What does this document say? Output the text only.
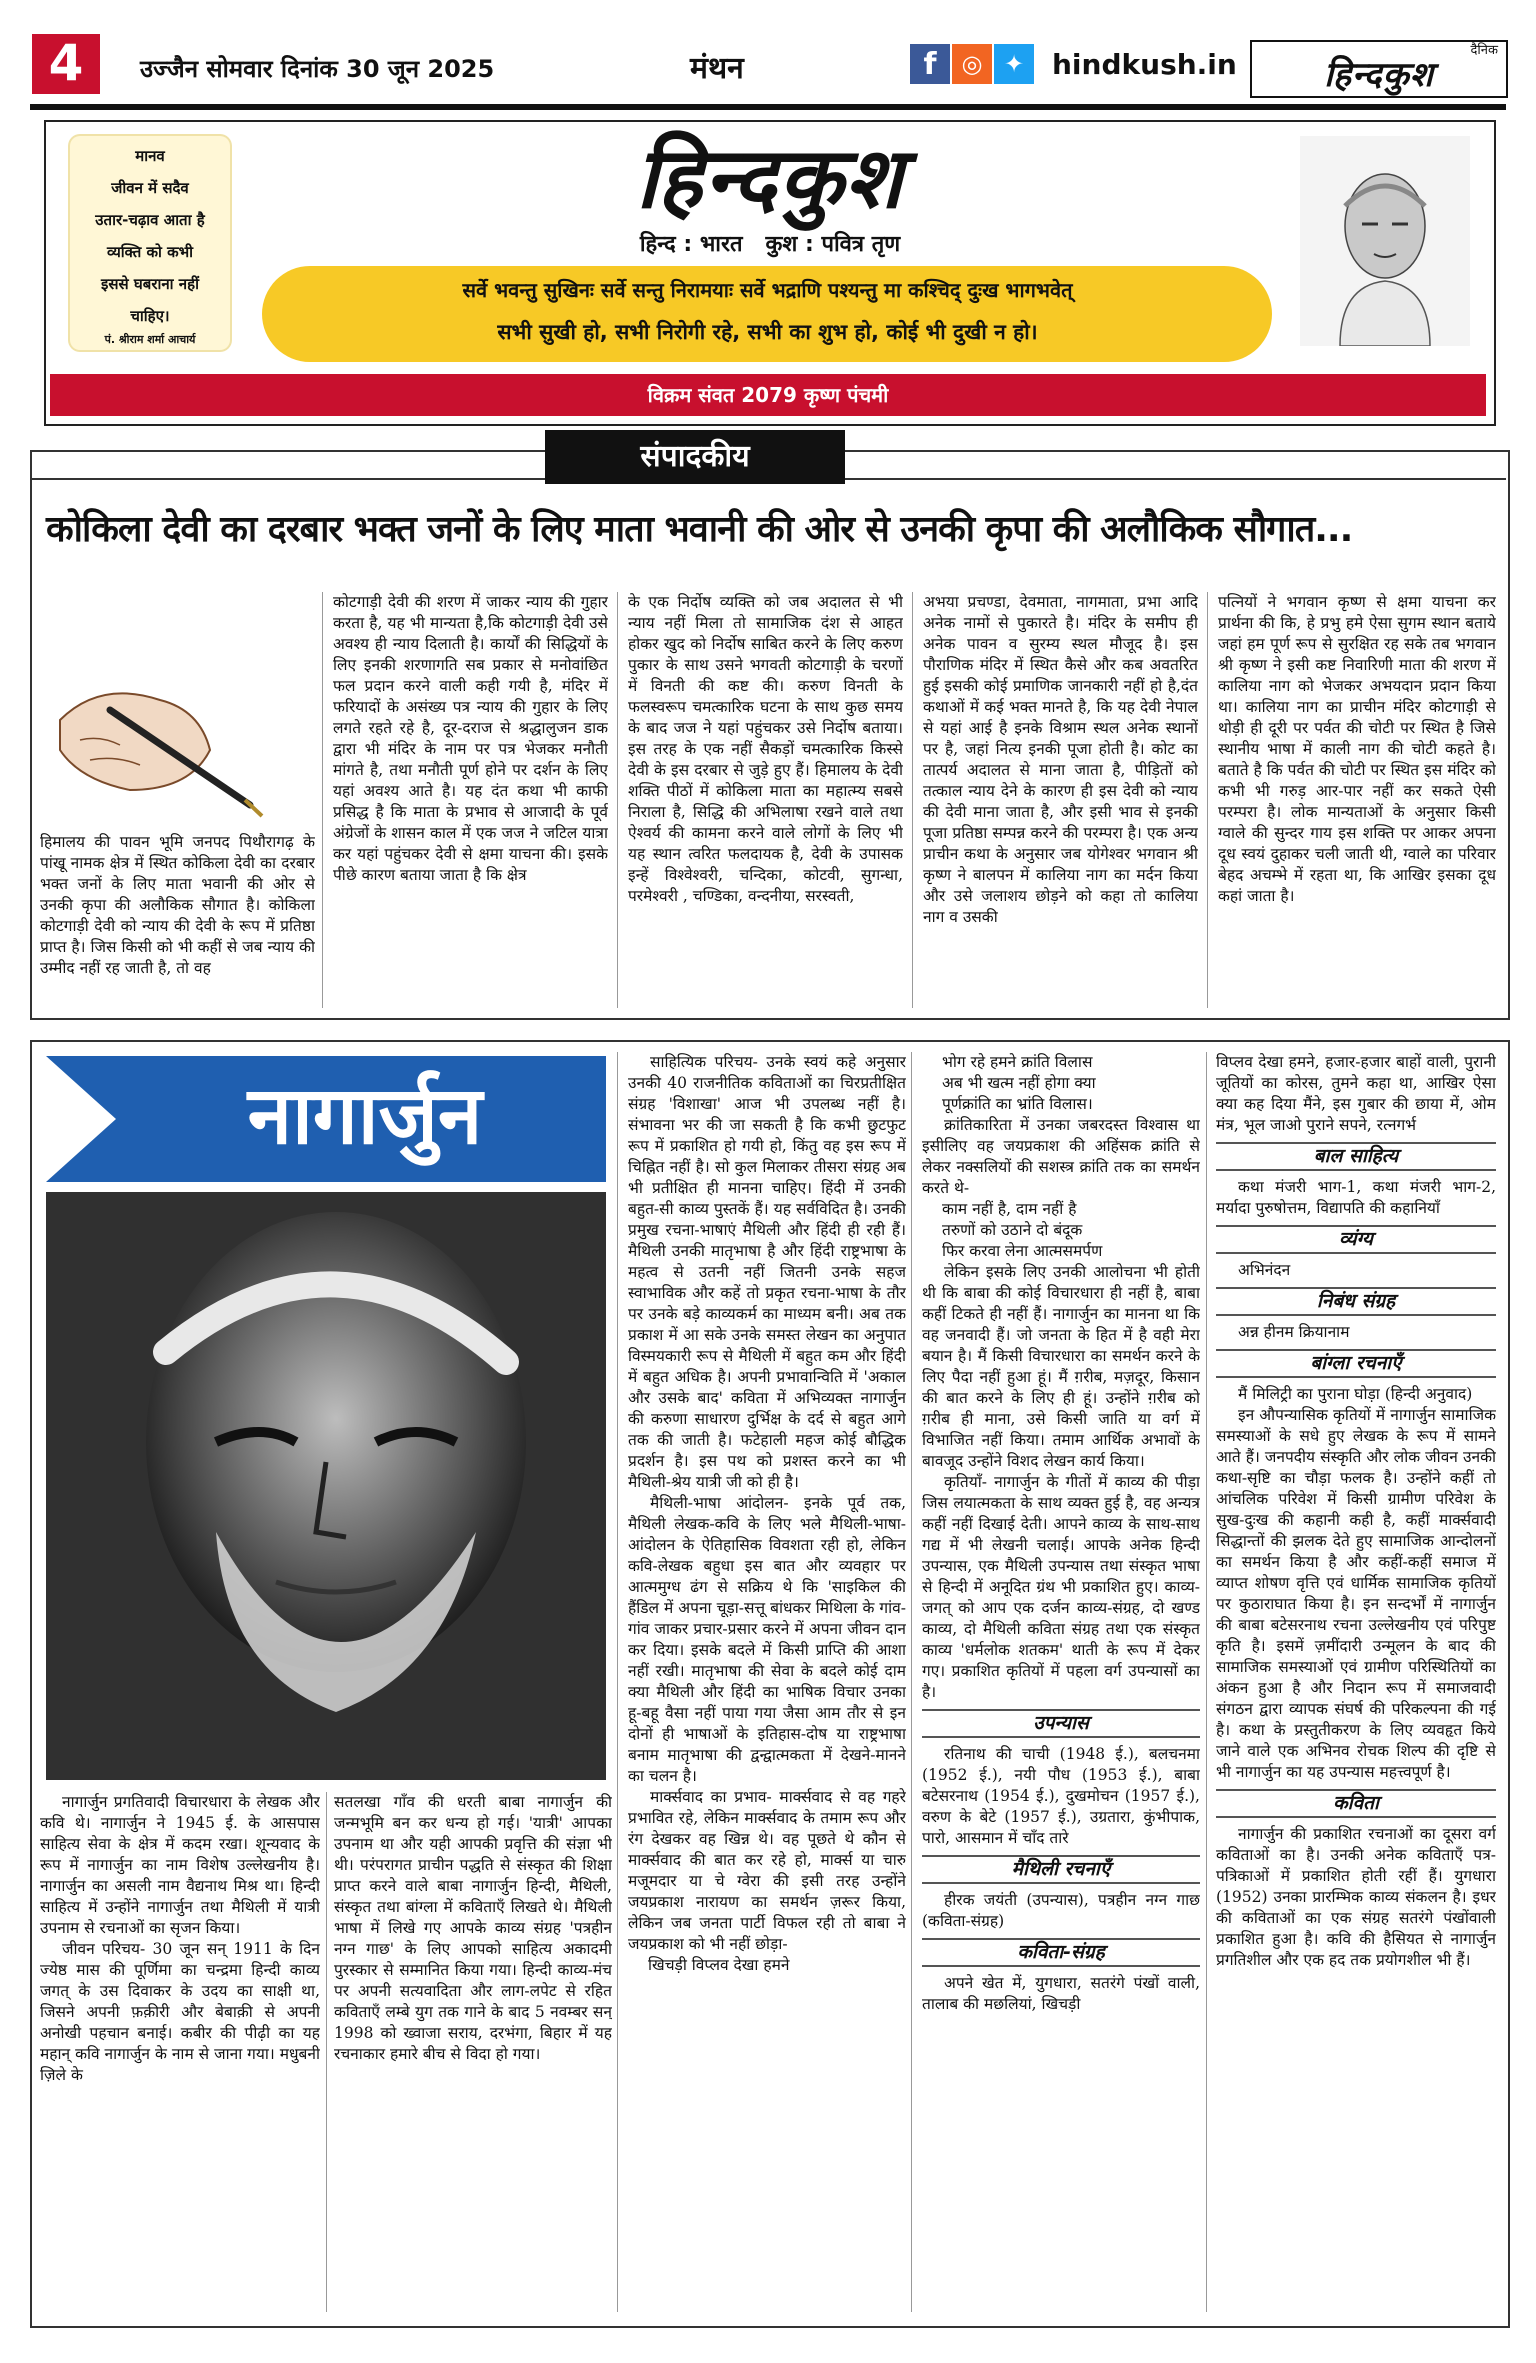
4	उज्जैन सोमवार दिनांक 30 जून 2025	मंथन	f	◎ ✦ hindkush.in	दैनिक
हिन्दकुश
मानव
जीवन में सदैव
उतार-चढ़ाव आता है
व्यक्ति को कभी
इससे घबराना नहीं
चाहिए।
पं. श्रीराम शर्मा आचार्य
हिन्दकुश
हिन्द : भारत   कुश : पवित्र तृण
सर्वे भवन्तु सुखिनः सर्वे सन्तु निरामयाः सर्वे भद्राणि पश्यन्तु मा कश्चिद् दुःख भागभवेत्
सभी सुखी हो, सभी निरोगी रहे, सभी का शुभ हो, कोई भी दुखी न हो।
विक्रम संवत 2079 कृष्ण पंचमी
संपादकीय
कोकिला देवी का दरबार भक्त जनों के लिए माता भवानी की ओर से उनकी कृपा की अलौकिक सौगात...
हिमालय की पावन भूमि जनपद पिथौरागढ़ के पांखू नामक क्षेत्र में स्थित कोकिला देवी का दरबार भक्त जनों के लिए माता भवानी की ओर से उनकी कृपा की अलौकिक सौगात है। कोकिला कोटगाड़ी देवी को न्याय की देवी के रूप में प्रतिष्ठा प्राप्त है। जिस किसी को भी कहीं से जब न्याय की उम्मीद नहीं रह जाती है, तो वह
कोटगाड़ी देवी की शरण में जाकर न्याय की गुहार करता है, यह भी मान्यता है,कि कोटगाड़ी देवी उसे अवश्य ही न्याय दिलाती है। कार्यों की सिद्धियों के लिए इनकी शरणागति सब प्रकार से मनोवांछित फल प्रदान करने वाली कही गयी है, मंदिर में फरियादों के असंख्य पत्र न्याय की गुहार के लिए लगते रहते रहे है, दूर-दराज से श्रद्धालुजन डाक द्वारा भी मंदिर के नाम पर पत्र भेजकर मनौती मांगते है, तथा मनौती पूर्ण होने पर दर्शन के लिए यहां अवश्य आते है। यह दंत कथा भी काफी प्रसिद्ध है कि माता के प्रभाव से आजादी के पूर्व अंग्रेजों के शासन काल में एक जज ने जटिल यात्रा कर यहां पहुंचकर देवी से क्षमा याचना की। इसके पीछे कारण बताया जाता है कि क्षेत्र
के एक निर्दोष व्यक्ति को जब अदालत से भी न्याय नहीं मिला तो सामाजिक दंश से आहत होकर खुद को निर्दोष साबित करने के लिए करुण पुकार के साथ उसने भगवती कोटगाड़ी के चरणों में विनती की कष्ट की। करुण विनती के फलस्वरूप चमत्कारिक घटना के साथ कुछ समय के बाद जज ने यहां पहुंचकर उसे निर्दोष बताया। इस तरह के एक नहीं सैकड़ों चमत्कारिक किस्से देवी के इस दरबार से जुड़े हुए हैं। हिमालय के देवी शक्ति पीठों में कोकिला माता का महात्म्य सबसे निराला है, सिद्धि की अभिलाषा रखने वाले तथा ऐश्वर्य की कामना करने वाले लोगों के लिए भी यह स्थान त्वरित फलदायक है, देवी के उपासक इन्हें विश्वेश्वरी, चन्दिका, कोटवी, सुगन्धा, परमेश्वरी , चण्डिका, वन्दनीया, सरस्वती,
अभया प्रचण्डा, देवमाता, नागमाता, प्रभा आदि अनेक नामों से पुकारते है। मंदिर के समीप ही अनेक पावन व सुरम्य स्थल मौजूद है। इस पौराणिक मंदिर में स्थित कैसे और कब अवतरित हुई इसकी कोई प्रमाणिक जानकारी नहीं हो है,दंत कथाओं में कई भक्त मानते है, कि यह देवी नेपाल से यहां आई है इनके विश्राम स्थल अनेक स्थानों पर है, जहां नित्य इनकी पूजा होती है। कोट का तात्पर्य अदालत से माना जाता है, पीड़ितों को तत्काल न्याय देने के कारण ही इस देवी को न्याय की देवी माना जाता है, और इसी भाव से इनकी पूजा प्रतिष्ठा सम्पन्न करने की परम्परा है। एक अन्य प्राचीन कथा के अनुसार जब योगेश्वर भगवान श्री कृष्ण ने बालपन में कालिया नाग का मर्दन किया और उसे जलाशय छोड़ने को कहा तो कालिया नाग व उसकी
पत्नियों ने भगवान कृष्ण से क्षमा याचना कर प्रार्थना की कि, हे प्रभु हमे ऐसा सुगम स्थान बताये जहां हम पूर्ण रूप से सुरक्षित रह सके तब भगवान श्री कृष्ण ने इसी कष्ट निवारिणी माता की शरण में कालिया नाग को भेजकर अभयदान प्रदान किया था। कालिया नाग का प्राचीन मंदिर कोटगाड़ी से थोड़ी ही दूरी पर पर्वत की चोटी पर स्थित है जिसे स्थानीय भाषा में काली नाग की चोटी कहते है। बताते है कि पर्वत की चोटी पर स्थित इस मंदिर को कभी भी गरुड़ आर-पार नहीं कर सकते ऐसी परम्परा है। लोक मान्यताओं के अनुसार किसी ग्वाले की सुन्दर गाय इस शक्ति पर आकर अपना दूध स्वयं दुहाकर चली जाती थी, ग्वाले का परिवार बेहद अचम्भे में रहता था, कि आखिर इसका दूध कहां जाता है।
नागार्जुन

नागार्जुन प्रगतिवादी विचारधारा के लेखक और कवि थे। नागार्जुन ने 1945 ई. के आसपास साहित्य सेवा के क्षेत्र में कदम रखा। शून्यवाद के रूप में नागार्जुन का नाम विशेष उल्लेखनीय है। नागार्जुन का असली नाम वैद्यनाथ मिश्र था। हिन्दी साहित्य में उन्होंने नागार्जुन तथा मैथिली में यात्री उपनाम से रचनाओं का सृजन किया।

जीवन परिचय- 30 जून सन् 1911 के दिन ज्येष्ठ मास की पूर्णिमा का चन्द्रमा हिन्दी काव्य जगत् के उस दिवाकर के उदय का साक्षी था, जिसने अपनी फ़क़ीरी और बेबाक़ी से अपनी अनोखी पहचान बनाई। कबीर की पीढ़ी का यह महान् कवि नागार्जुन के नाम से जाना गया। मधुबनी ज़िले के

सतलखा गाँव की धरती बाबा नागार्जुन की जन्मभूमि बन कर धन्य हो गई। 'यात्री' आपका उपनाम था और यही आपकी प्रवृत्ति की संज्ञा भी थी। परंपरागत प्राचीन पद्धति से संस्कृत की शिक्षा प्राप्त करने वाले बाबा नागार्जुन हिन्दी, मैथिली, संस्कृत तथा बांग्ला में कविताएँ लिखते थे। मैथिली भाषा में लिखे गए आपके काव्य संग्रह 'पत्रहीन नग्न गाछ' के लिए आपको साहित्य अकादमी पुरस्कार से सम्मानित किया गया। हिन्दी काव्य-मंच पर अपनी सत्यवादिता और लाग-लपेट से रहित कविताएँ लम्बे युग तक गाने के बाद 5 नवम्बर सन् 1998 को ख्वाजा सराय, दरभंगा, बिहार में यह रचनाकार हमारे बीच से विदा हो गया।

साहित्यिक परिचय- उनके स्वयं कहे अनुसार उनकी 40 राजनीतिक कविताओं का चिरप्रतीक्षित संग्रह 'विशाखा' आज भी उपलब्ध नहीं है। संभावना भर की जा सकती है कि कभी छुटफुट रूप में प्रकाशित हो गयी हो, किंतु वह इस रूप में चिह्नित नहीं है। सो कुल मिलाकर तीसरा संग्रह अब भी प्रतीक्षित ही मानना चाहिए। हिंदी में उनकी बहुत-सी काव्य पुस्तकें हैं। यह सर्वविदित है। उनकी प्रमुख रचना-भाषाएं मैथिली और हिंदी ही रही हैं। मैथिली उनकी मातृभाषा है और हिंदी राष्ट्रभाषा के महत्व से उतनी नहीं जितनी उनके सहज स्वाभाविक और कहें तो प्रकृत रचना-भाषा के तौर पर उनके बड़े काव्यकर्म का माध्यम बनी। अब तक प्रकाश में आ सके उनके समस्त लेखन का अनुपात विस्मयकारी रूप से मैथिली में बहुत कम और हिंदी में बहुत अधिक है। अपनी प्रभावान्विति में 'अकाल और उसके बाद' कविता में अभिव्यक्त नागार्जुन की करुणा साधारण दुर्भिक्ष के दर्द से बहुत आगे तक की जाती है। फटेहाली महज कोई बौद्धिक प्रदर्शन है। इस पथ को प्रशस्त करने का भी मैथिली-श्रेय यात्री जी को ही है।

मैथिली-भाषा आंदोलन- इनके पूर्व तक, मैथिली लेखक-कवि के लिए भले मैथिली-भाषा-आंदोलन के ऐतिहासिक विवशता रही हो, लेकिन कवि-लेखक बहुधा इस बात और व्यवहार पर आत्ममुग्ध ढंग से सक्रिय थे कि 'साइकिल की हैंडिल में अपना चूड़ा-सत्तू बांधकर मिथिला के गांव-गांव जाकर प्रचार-प्रसार करने में अपना जीवन दान कर दिया। इसके बदले में किसी प्राप्ति की आशा नहीं रखी। मातृभाषा की सेवा के बदले कोई दाम क्या मैथिली और हिंदी का भाषिक विचार उनका हू-बहू वैसा नहीं पाया गया जैसा आम तौर से इन दोनों ही भाषाओं के इतिहास-दोष या राष्ट्रभाषा बनाम मातृभाषा की द्वन्द्वात्मकता में देखने-मानने का चलन है।

मार्क्सवाद का प्रभाव- मार्क्सवाद से वह गहरे प्रभावित रहे, लेकिन मार्क्सवाद के तमाम रूप और रंग देखकर वह खिन्न थे। वह पूछते थे कौन से मार्क्सवाद की बात कर रहे हो, मार्क्स या चारु मजूमदार या चे ग्वेरा की इसी तरह उन्होंने जयप्रकाश नारायण का समर्थन ज़रूर किया, लेकिन जब जनता पार्टी विफल रही तो बाबा ने जयप्रकाश को भी नहीं छोड़ा-

खिचड़ी विप्लव देखा हमने

भोग रहे हमने क्रांति विलास

अब भी खत्म नहीं होगा क्या

पूर्णक्रांति का भ्रांति विलास।

क्रांतिकारिता में उनका जबरदस्त विश्वास था इसीलिए वह जयप्रकाश की अहिंसक क्रांति से लेकर नक्सलियों की सशस्त्र क्रांति तक का समर्थन करते थे-

काम नहीं है, दाम नहीं है

तरुणों को उठाने दो बंदूक

फिर करवा लेना आत्मसमर्पण

लेकिन इसके लिए उनकी आलोचना भी होती थी कि बाबा की कोई विचारधारा ही नहीं है, बाबा कहीं टिकते ही नहीं हैं। नागार्जुन का मानना था कि वह जनवादी हैं। जो जनता के हित में है वही मेरा बयान है। मैं किसी विचारधारा का समर्थन करने के लिए पैदा नहीं हुआ हूं। मैं ग़रीब, मज़दूर, किसान की बात करने के लिए ही हूं। उन्होंने ग़रीब को ग़रीब ही माना, उसे किसी जाति या वर्ग में विभाजित नहीं किया। तमाम आर्थिक अभावों के बावजूद उन्होंने विशद लेखन कार्य किया।

कृतियाँ- नागार्जुन के गीतों में काव्य की पीड़ा जिस लयात्मकता के साथ व्यक्त हुई है, वह अन्यत्र कहीं नहीं दिखाई देती। आपने काव्य के साथ-साथ गद्य में भी लेखनी चलाई। आपके अनेक हिन्दी उपन्यास, एक मैथिली उपन्यास तथा संस्कृत भाषा से हिन्दी में अनूदित ग्रंथ भी प्रकाशित हुए। काव्य-जगत् को आप एक दर्जन काव्य-संग्रह, दो खण्ड काव्य, दो मैथिली कविता संग्रह तथा एक संस्कृत काव्य 'धर्मलोक शतकम' थाती के रूप में देकर गए। प्रकाशित कृतियों में पहला वर्ग उपन्यासों का है।

उपन्यास

रतिनाथ की चाची (1948 ई.), बलचनमा (1952 ई.), नयी पौध (1953 ई.), बाबा बटेसरनाथ (1954 ई.), दुखमोचन (1957 ई.), वरुण के बेटे (1957 ई.), उग्रतारा, कुंभीपाक, पारो, आसमान में चाँद तारे

मैथिली रचनाएँ

हीरक जयंती (उपन्यास), पत्रहीन नग्न गाछ (कविता-संग्रह)

कविता-संग्रह

अपने खेत में, युगधारा, सतरंगे पंखों वाली, तालाब की मछलियां, खिचड़ी

विप्लव देखा हमने, हजार-हजार बाहों वाली, पुरानी जूतियों का कोरस, तुमने कहा था, आखिर ऐसा क्या कह दिया मैंने, इस गुबार की छाया में, ओम मंत्र, भूल जाओ पुराने सपने, रत्नगर्भ

बाल साहित्य

कथा मंजरी भाग-1, कथा मंजरी भाग-2, मर्यादा पुरुषोत्तम, विद्यापति की कहानियाँ

व्यंग्य

अभिनंदन

निबंध संग्रह

अन्न हीनम क्रियानाम

बांग्ला रचनाएँ

मैं मिलिट्री का पुराना घोड़ा (हिन्दी अनुवाद)

इन औपन्यासिक कृतियों में नागार्जुन सामाजिक समस्याओं के सधे हुए लेखक के रूप में सामने आते हैं। जनपदीय संस्कृति और लोक जीवन उनकी कथा-सृष्टि का चौड़ा फलक है। उन्होंने कहीं तो आंचलिक परिवेश में किसी ग्रामीण परिवेश के सुख-दुःख की कहानी कही है, कहीं मार्क्सवादी सिद्धान्तों की झलक देते हुए सामाजिक आन्दोलनों का समर्थन किया है और कहीं-कहीं समाज में व्याप्त शोषण वृत्ति एवं धार्मिक सामाजिक कृतियों पर कुठाराघात किया है। इन सन्दर्भों में नागार्जुन की बाबा बटेसरनाथ रचना उल्लेखनीय एवं परिपुष्ट कृति है। इसमें ज़मींदारी उन्मूलन के बाद की सामाजिक समस्याओं एवं ग्रामीण परिस्थितियों का अंकन हुआ है और निदान रूप में समाजवादी संगठन द्वारा व्यापक संघर्ष की परिकल्पना की गई है। कथा के प्रस्तुतीकरण के लिए व्यवहृत किये जाने वाले एक अभिनव रोचक शिल्प की दृष्टि से भी नागार्जुन का यह उपन्यास महत्त्वपूर्ण है।

कविता

नागार्जुन की प्रकाशित रचनाओं का दूसरा वर्ग कविताओं का है। उनकी अनेक कविताएँ पत्र-पत्रिकाओं में प्रकाशित होती रहीं हैं। युगधारा (1952) उनका प्रारम्भिक काव्य संकलन है। इधर की कविताओं का एक संग्रह सतरंगे पंखोंवाली प्रकाशित हुआ है। कवि की हैसियत से नागार्जुन प्रगतिशील और एक हद तक प्रयोगशील भी हैं।
